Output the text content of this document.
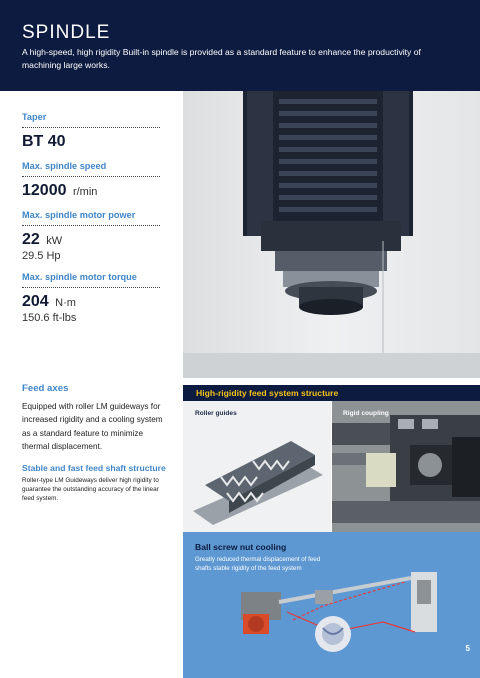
SPINDLE

A high-speed, high rigidity Built-in spindle is provided as a standard feature to enhance the productivity of machining large works.

Taper
BT 40
Max. spindle speed
12000 r/min
Max. spindle motor power
22 kW
29.5 Hp
Max. spindle motor torque
204 N·m
150.6 ft-lbs
Feed axes
Equipped with roller LM guideways for increased rigidity and a cooling system as a standard feature to minimize thermal displacement.
Stable and fast feed shaft structure
Roller-type LM Guideways deliver high rigidity to guarantee the outstanding accuracy of the linear feed system.
High-rigidity feed system structure
Roller guides	Rigid coupling
Ball screw nut cooling

Greatly reduced thermal displacement of feed shafts stable rigidity of the feed system

5
